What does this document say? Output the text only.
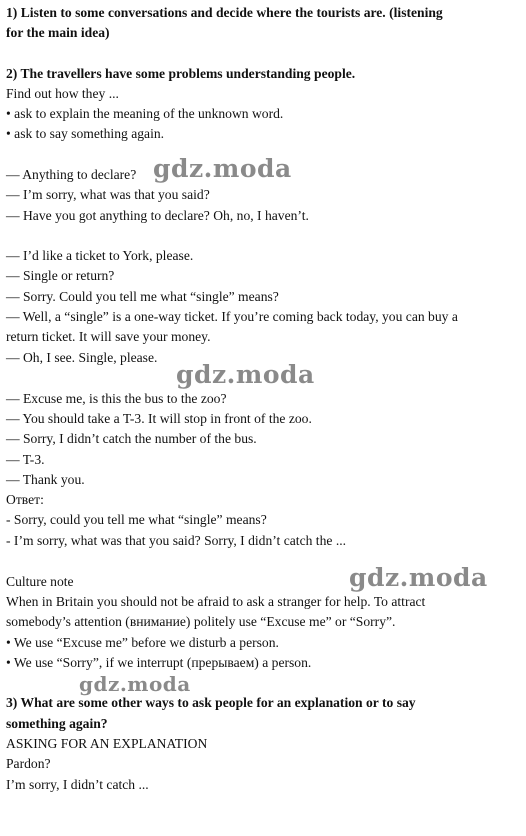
1) Listen to some conversations and decide where the tourists are. (listening
for the main idea)
2) The travellers have some problems understanding people.
Find out how they ...
• ask to explain the meaning of the unknown word.
• ask to say something again.
— Anything to declare?
— I’m sorry, what was that you said?
— Have you got anything to declare? Oh, no, I haven’t.
— I’d like a ticket to York, please.
— Single or return?
— Sorry. Could you tell me what “single” means?
— Well, a “single” is a one-way ticket. If you’re coming back today, you can buy a
return ticket. It will save your money.
— Oh, I see. Single, please.
— Excuse me, is this the bus to the zoo?
— You should take a T-3. It will stop in front of the zoo.
— Sorry, I didn’t catch the number of the bus.
— T-3.
— Thank you.
Ответ:
- Sorry, could you tell me what “single” means?
- I’m sorry, what was that you said? Sorry, I didn’t catch the ...
Culture note
When in Britain you should not be afraid to ask a stranger for help. To attract
somebody’s attention (внимание) politely use “Excuse me” or “Sorry”.
• We use “Excuse me” before we disturb a person.
• We use “Sorry”, if we interrupt (прерываем) a person.
3) What are some other ways to ask people for an explanation or to say
something again?
ASKING FOR AN EXPLANATION
Pardon?
I’m sorry, I didn’t catch ...
gdz.moda
gdz.moda
gdz.moda
gdz.moda
